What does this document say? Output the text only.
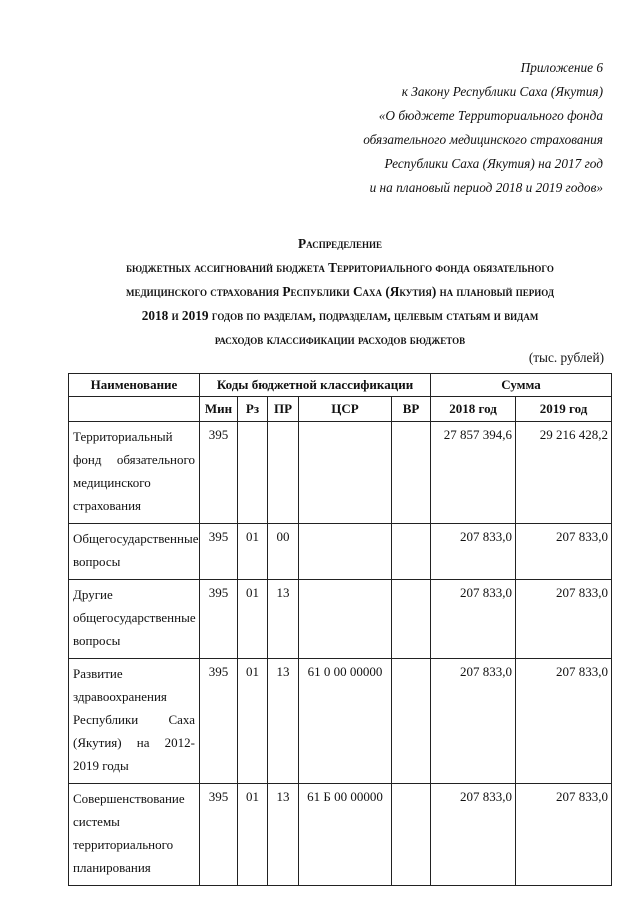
Приложение 6
к Закону Республики Саха (Якутия)
«О бюджете Территориального фонда
обязательного медицинского страхования
Республики Саха (Якутия) на 2017 год
и на плановый период 2018 и 2019 годов»
Распределение
бюджетных ассигнований бюджета Территориального фонда обязательного
медицинского страхования Республики Саха (Якутия) на плановый период
2018 и 2019 годов по разделам, подразделам, целевым статьям и видам
расходов классификации расходов бюджетов
(тыс. рублей)
Наименование	Коды бюджетной классификации					Сумма	
	Мин	Рз	ПР	ЦСР	ВР	2018 год	2019 год
Территориальный фонд обязательного медицинского страхования	395					27 857 394,6	29 216 428,2
Общегосударственные вопросы	395	01	00			207 833,0	207 833,0
Другие общегосударственные вопросы	395	01	13			207 833,0	207 833,0
Развитие здравоохранения Республики Саха (Якутия) на 2012-2019 годы	395	01	13	61 0 00 00000		207 833,0	207 833,0
Совершенствование системы территориального планирования	395	01	13	61 Б 00 00000		207 833,0	207 833,0
